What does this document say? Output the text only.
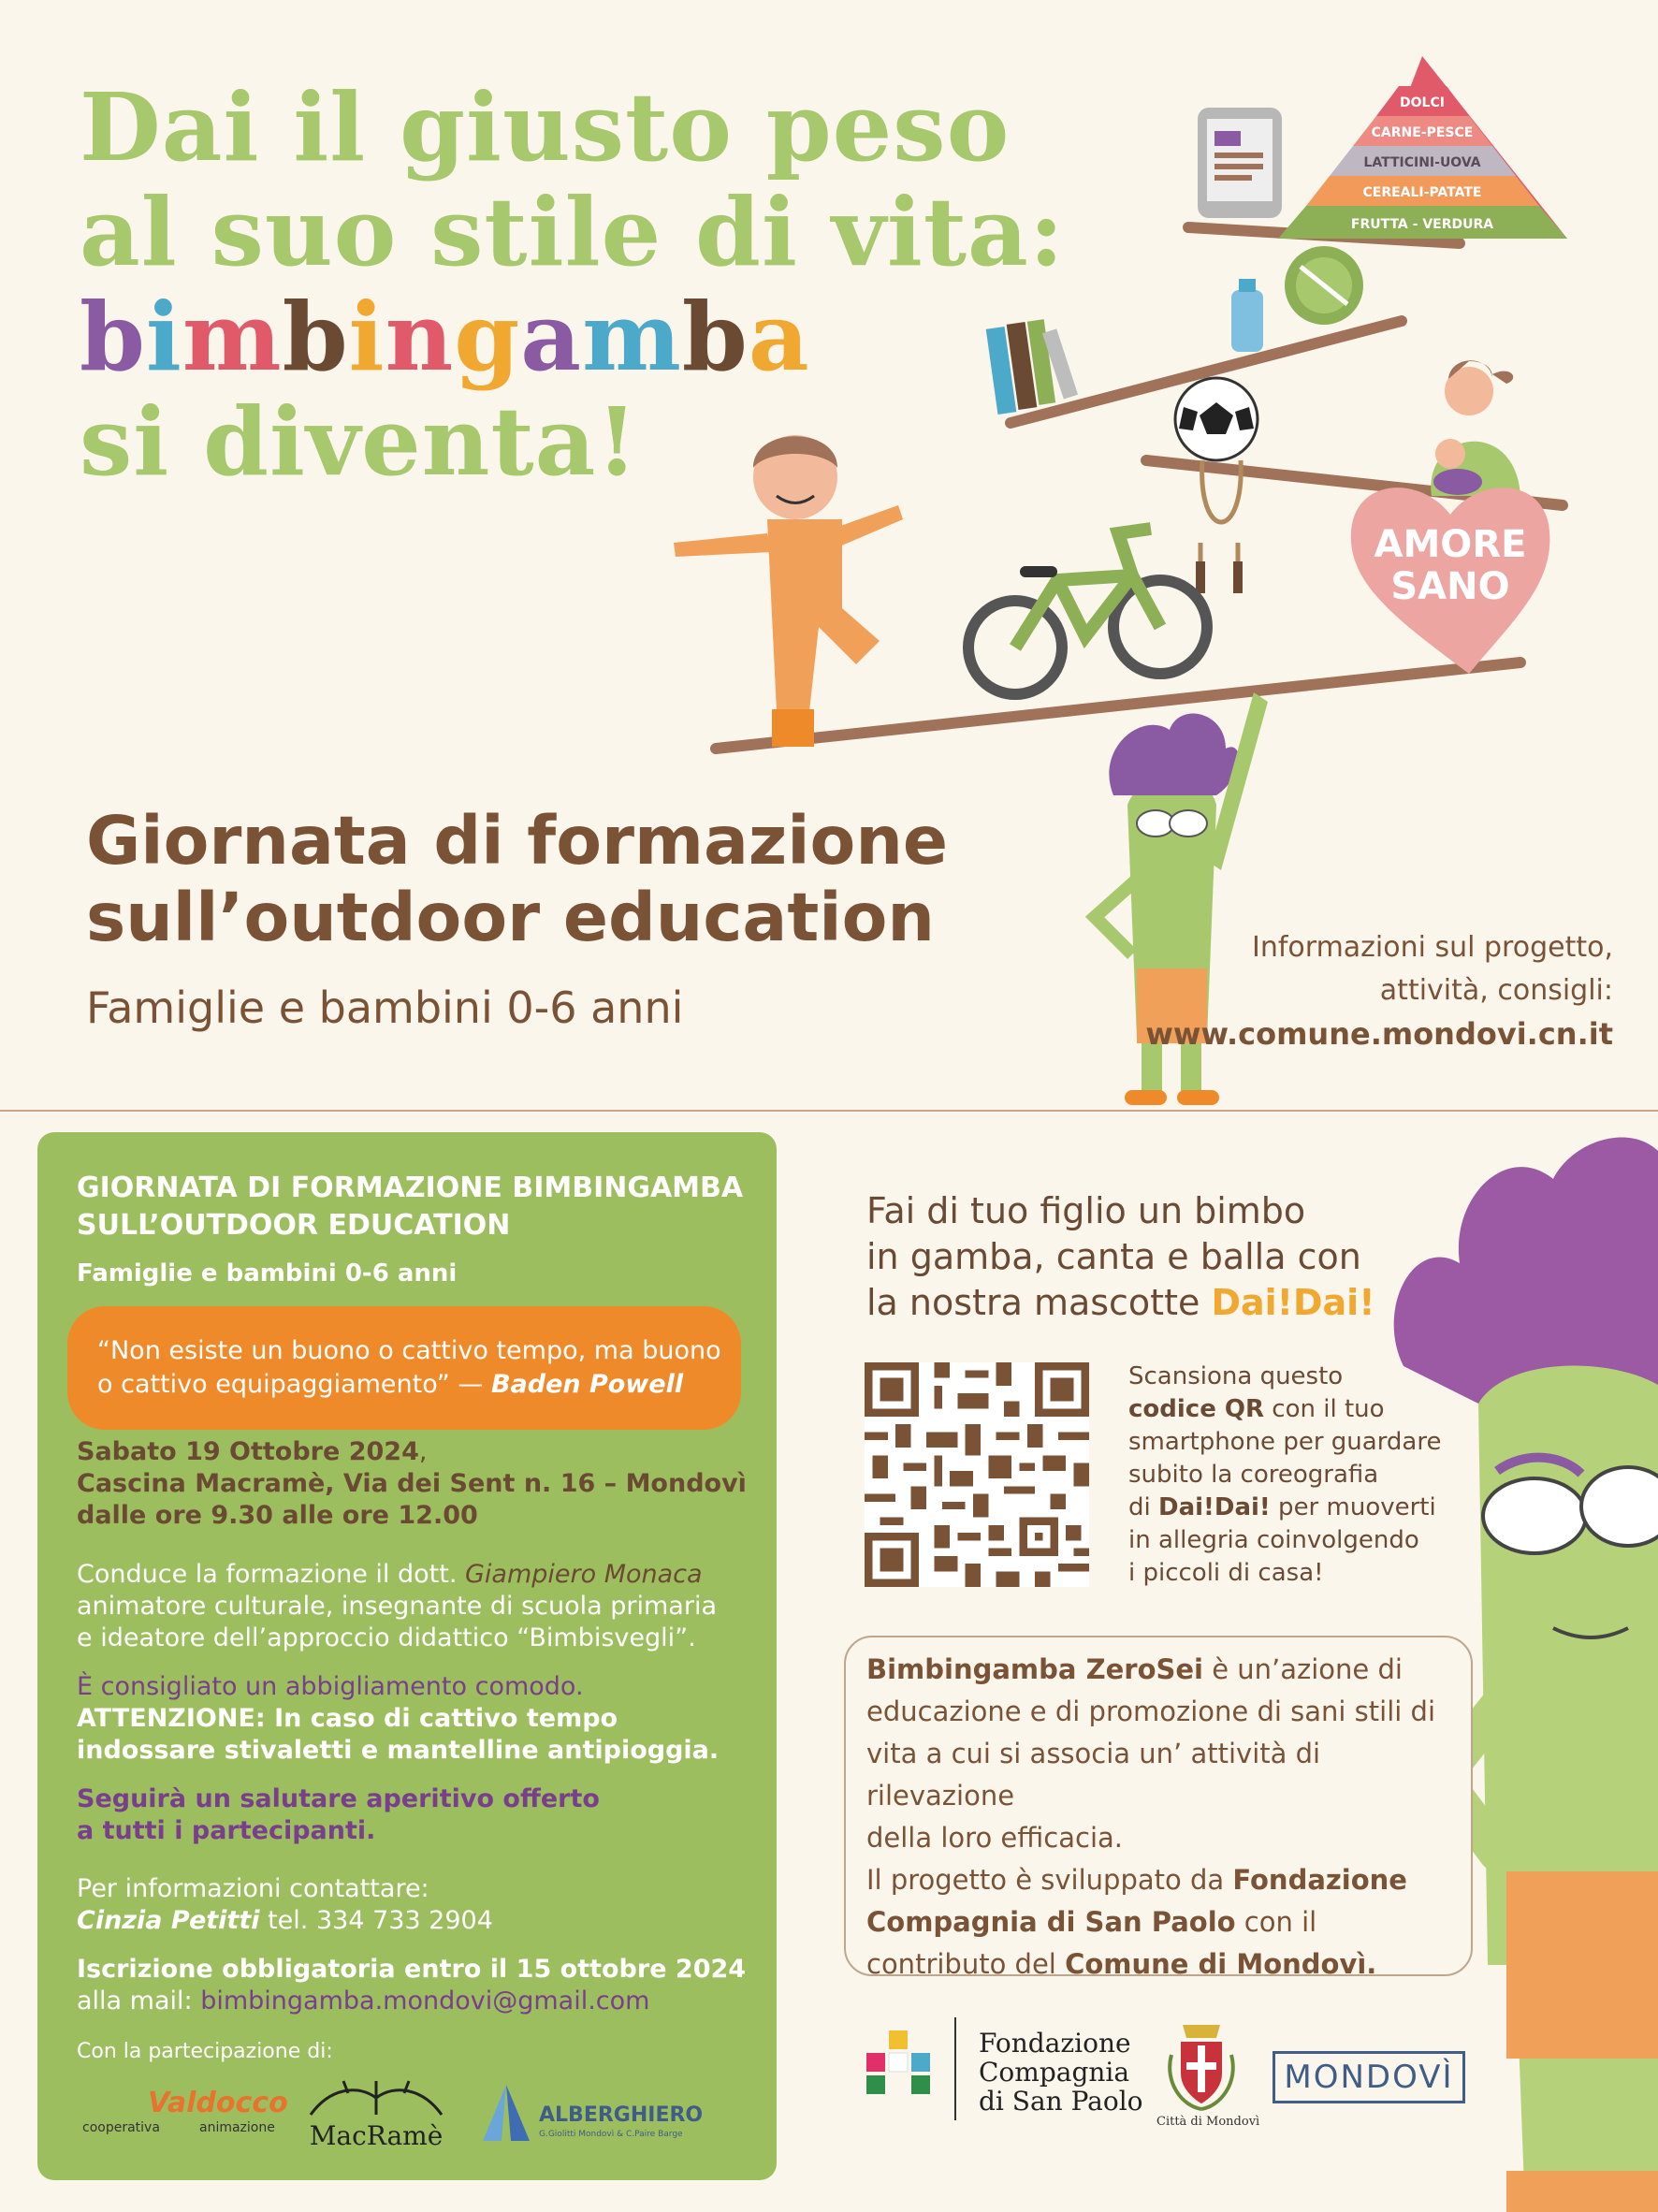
Dai il giusto peso
al suo stile di vita:
bimbingamba
si diventa!
DOLCI
CARNE-PESCE
LATTICINI-UOVA
CEREALI-PATATE
FRUTTA - VERDURA
AMORE
SANO
Giornata di formazione
sull’outdoor education
Famiglie e bambini 0-6 anni
Informazioni sul progetto,
attività, consigli:
www.comune.mondovi.cn.it

GIORNATA DI FORMAZIONE BIMBINGAMBA

SULL’OUTDOOR EDUCATION

Famiglie e bambini 0-6 anni
“Non esiste un buono o cattivo tempo, ma buono
o cattivo equipaggiamento” — Baden Powell
Sabato 19 Ottobre 2024,
Cascina Macramè, Via dei Sent n. 16 – Mondovì
dalle ore 9.30 alle ore 12.00
Conduce la formazione il dott. Giampiero Monaca
animatore culturale, insegnante di scuola primaria
e ideatore dell’approccio didattico “Bimbisvegli”.
È consigliato un abbigliamento comodo.
ATTENZIONE: In caso di cattivo tempo
indossare stivaletti e mantelline antipioggia.
Seguirà un salutare aperitivo offerto
a tutti i partecipanti.
Per informazioni contattare:
Cinzia Petitti tel. 334 733 2904
Iscrizione obbligatoria entro il 15 ottobre 2024
alla mail: bimbingamba.mondovi@gmail.com
Con la partecipazione di:
cooperativa
Valdocco
animazione	MacRamè
ALBERGHIERO
G.Giolitti Mondovì & C.Paire Barge
Fai di tuo figlio un bimbo
in gamba, canta e balla con
la nostra mascotte Dai!Dai!
Scansiona questo
codice QR con il tuo
smartphone per guardare
subito la coreografia
di Dai!Dai! per muoverti
in allegria coinvolgendo
i piccoli di casa!
Bimbingamba ZeroSei è un’azione di
educazione e di promozione di sani stili di
vita a cui si associa un’ attività di rilevazione
della loro efficacia.
Il progetto è sviluppato da Fondazione
Compagnia di San Paolo con il
contributo del Comune di Mondovì.
Fondazione
Compagnia
di San Paolo
Città di Mondovì
MONDOVÌ
